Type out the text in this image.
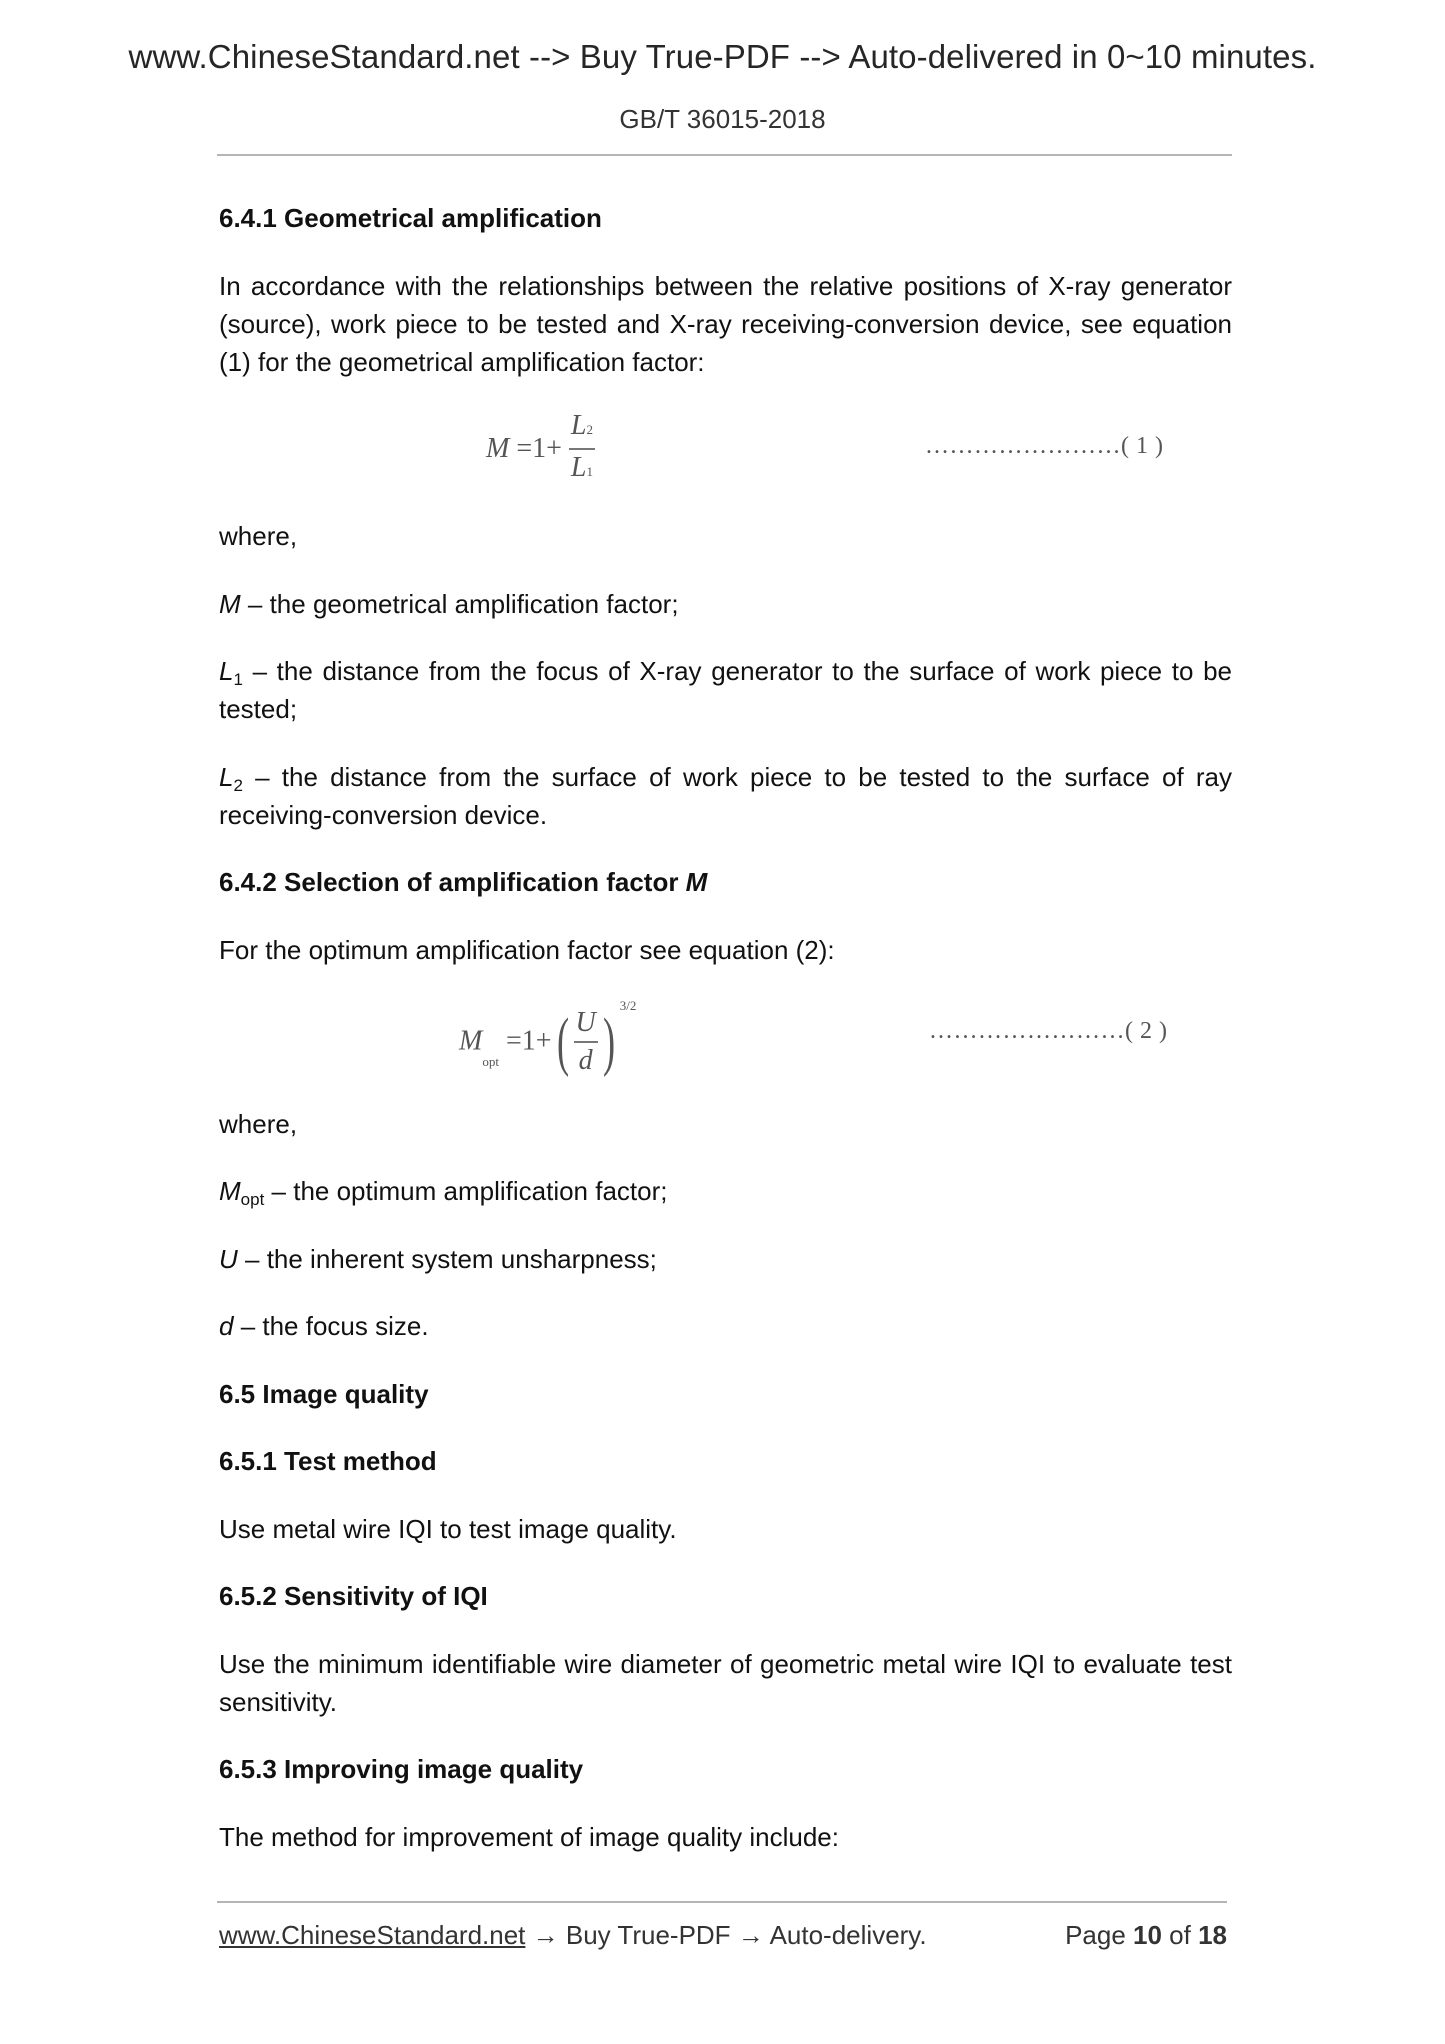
www.ChineseStandard.net --> Buy True-PDF --> Auto-delivered in 0~10 minutes.
GB/T 36015-2018
6.4.1 Geometrical amplification
In accordance with the relationships between the relative positions of X-ray generator (source), work piece to be tested and X-ray receiving-conversion device, see equation (1) for the geometrical amplification factor:
$M =1+ \frac{L2}{L1}$	……………………( 1 )
where,
M – the geometrical amplification factor;
$L_1$ – the distance from the focus of X-ray generator to the surface of work piece to be tested;
$L_2$ – the distance from the surface of work piece to be tested to the surface of ray receiving-conversion device.
6.4.2 Selection of amplification factor M
For the optimum amplification factor see equation (2):
$M_{opt} =1+( \frac{U}{d}$ ) $^{3/2}$
……………………( 2 )
where,
$M_{opt}$ – the optimum amplification factor;
U – the inherent system unsharpness;
d – the focus size.
6.5 Image quality
6.5.1 Test method
Use metal wire IQI to test image quality.
6.5.2 Sensitivity of IQI
Use the minimum identifiable wire diameter of geometric metal wire IQI to evaluate test sensitivity.
6.5.3 Improving image quality
The method for improvement of image quality include:
www.ChineseStandard.net → Buy True-PDF → Auto-delivery.	Page 10 of 18
